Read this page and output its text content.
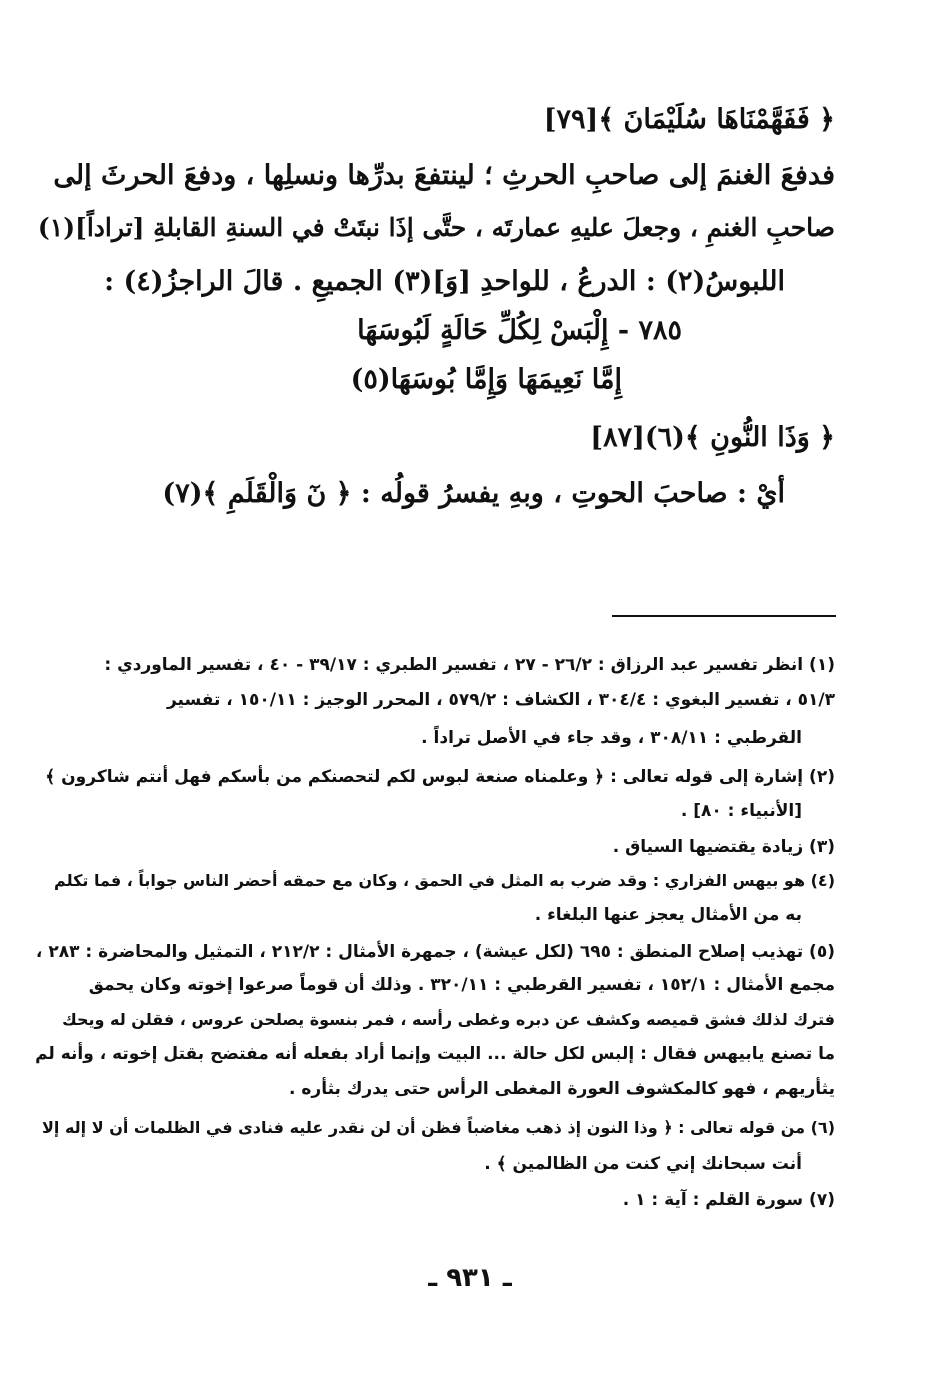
﴿ فَفَهَّمْنَاهَا سُلَيْمَانَ ﴾[٧٩]
فدفعَ الغنمَ إلى صاحبِ الحرثِ ؛ لينتفعَ بدرِّها ونسلِها ، ودفعَ الحرثَ إلى
صاحبِ الغنمِ ، وجعلَ عليهِ عمارتَه ، حتَّى إذَا نبتَتْ في السنةِ القابلةِ [تراداً](١)
اللبوسُ(٢) : الدرعُ ، للواحدِ [وَ](٣) الجميعِ . قالَ الراجزُ(٤) :
٧٨٥ - إِلْبَسْ لِكُلِّ حَالَةٍ لَبُوسَهَا
إِمَّا نَعِيمَهَا وَإِمَّا بُوسَهَا(٥)
﴿ وَذَا النُّونِ ﴾(٦)[٨٧]
أيْ : صاحبَ الحوتِ ، وبهِ يفسرُ قولُه : ﴿ نٓ وَالْقَلَمِ ﴾(٧)
(١) انظر تفسير عبد الرزاق : ٢٦/٢ - ٢٧ ، تفسير الطبري : ٣٩/١٧ - ٤٠ ، تفسير الماوردي :
٥١/٣ ، تفسير البغوي : ٣٠٤/٤ ، الكشاف : ٥٧٩/٢ ، المحرر الوجيز : ١٥٠/١١ ، تفسير
القرطبي : ٣٠٨/١١ ، وقد جاء في الأصل تراداً .
(٢) إشارة إلى قوله تعالى : ﴿ وعلمناه صنعة لبوس لكم لتحصنكم من بأسكم فهل أنتم شاكرون ﴾
[الأنبياء : ٨٠] .
(٣) زيادة يقتضيها السياق .
(٤) هو بيهس الفزاري : وقد ضرب به المثل في الحمق ، وكان مع حمقه أحضر الناس جواباً ، فما تكلم
به من الأمثال يعجز عنها البلغاء .
(٥) تهذيب إصلاح المنطق : ٦٩٥ (لكل عيشة) ، جمهرة الأمثال : ٢١٢/٢ ، التمثيل والمحاضرة : ٢٨٣ ،
مجمع الأمثال : ١٥٢/١ ، تفسير القرطبي : ٣٢٠/١١ . وذلك أن قوماً صرعوا إخوته وكان يحمق
فترك لذلك فشق قميصه وكشف عن دبره وغطى رأسه ، فمر بنسوة يصلحن عروس ، فقلن له ويحك
ما تصنع يابيهس فقال : إلبس لكل حالة ... البيت وإنما أراد بفعله أنه مفتضح بقتل إخوته ، وأنه لم
يثأريهم ، فهو كالمكشوف العورة المغطى الرأس حتى يدرك بثأره .
(٦) من قوله تعالى : ﴿ وذا النون إذ ذهب مغاضباً فظن أن لن نقدر عليه فنادى في الظلمات أن لا إله إلا
أنت سبحانك إني كنت من الظالمين ﴾ .
(٧) سورة القلم : آية : ١ .
ـ ٩٣١ ـ
